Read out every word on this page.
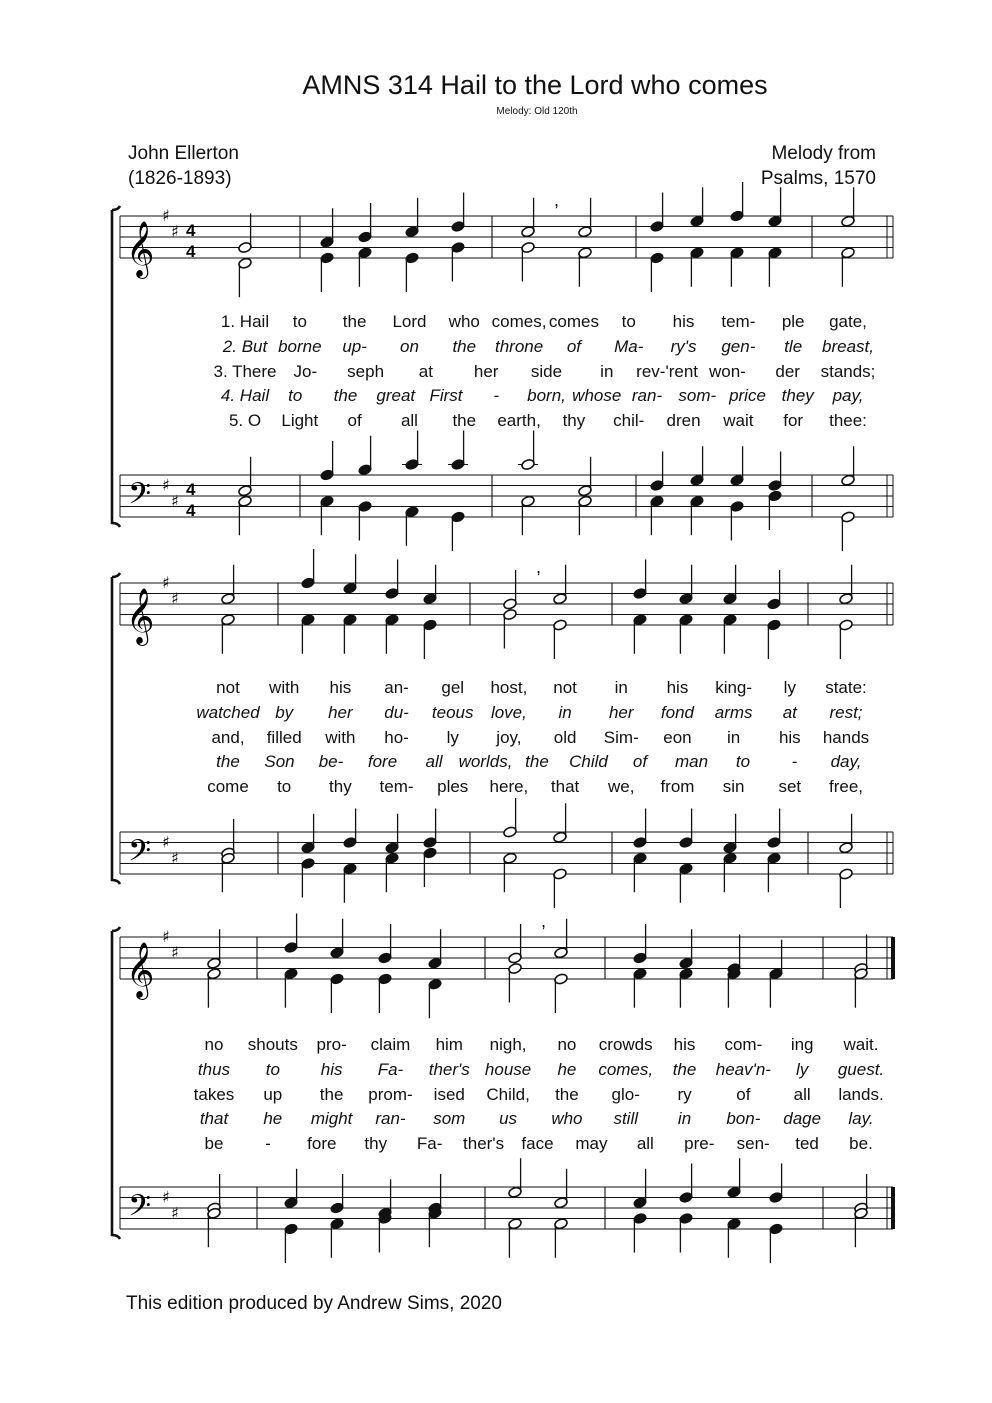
AMNS 314 Hail to the Lord who comes
Melody: Old 120th
John Ellerton
(1826-1893)
Melody from
Psalms, 1570
𝄞
𝄢
♯
♯
♯
♯
4
4
4
4
,
𝄞
𝄢
♯
♯
♯
♯
,
𝄞
𝄢
♯
♯
♯
♯
,
1. Hail to the Lord who comes, comes to his tem- ple gate,
2. But borne up- on the throne of Ma- ry's gen- tle breast,
3. There Jo- seph at her side in rev-'rent won- der stands;
4. Hail to the great First - born, whose ran- som- price they pay,
5. O Light of all the earth, thy chil- dren wait for thee:
not with his an- gel host, not in his king- ly state:
watched by her du- teous love, in her fond arms at rest;
and, filled with ho- ly joy, old Sim- eon in his hands
the Son be- fore all worlds, the Child of man to - day,
come to thy tem- ples here, that we, from sin set free,
no shouts pro- claim him nigh, no crowds his com- ing wait.
thus to his Fa- ther's house he comes, the heav'n- ly guest.
takes up the prom- ised Child, the glo- ry	of	all lands.
that he might ran- som us who still in bon- dage lay.
be - fore thy Fa- ther's face may all pre- sen- ted be.
This edition produced by Andrew Sims, 2020
